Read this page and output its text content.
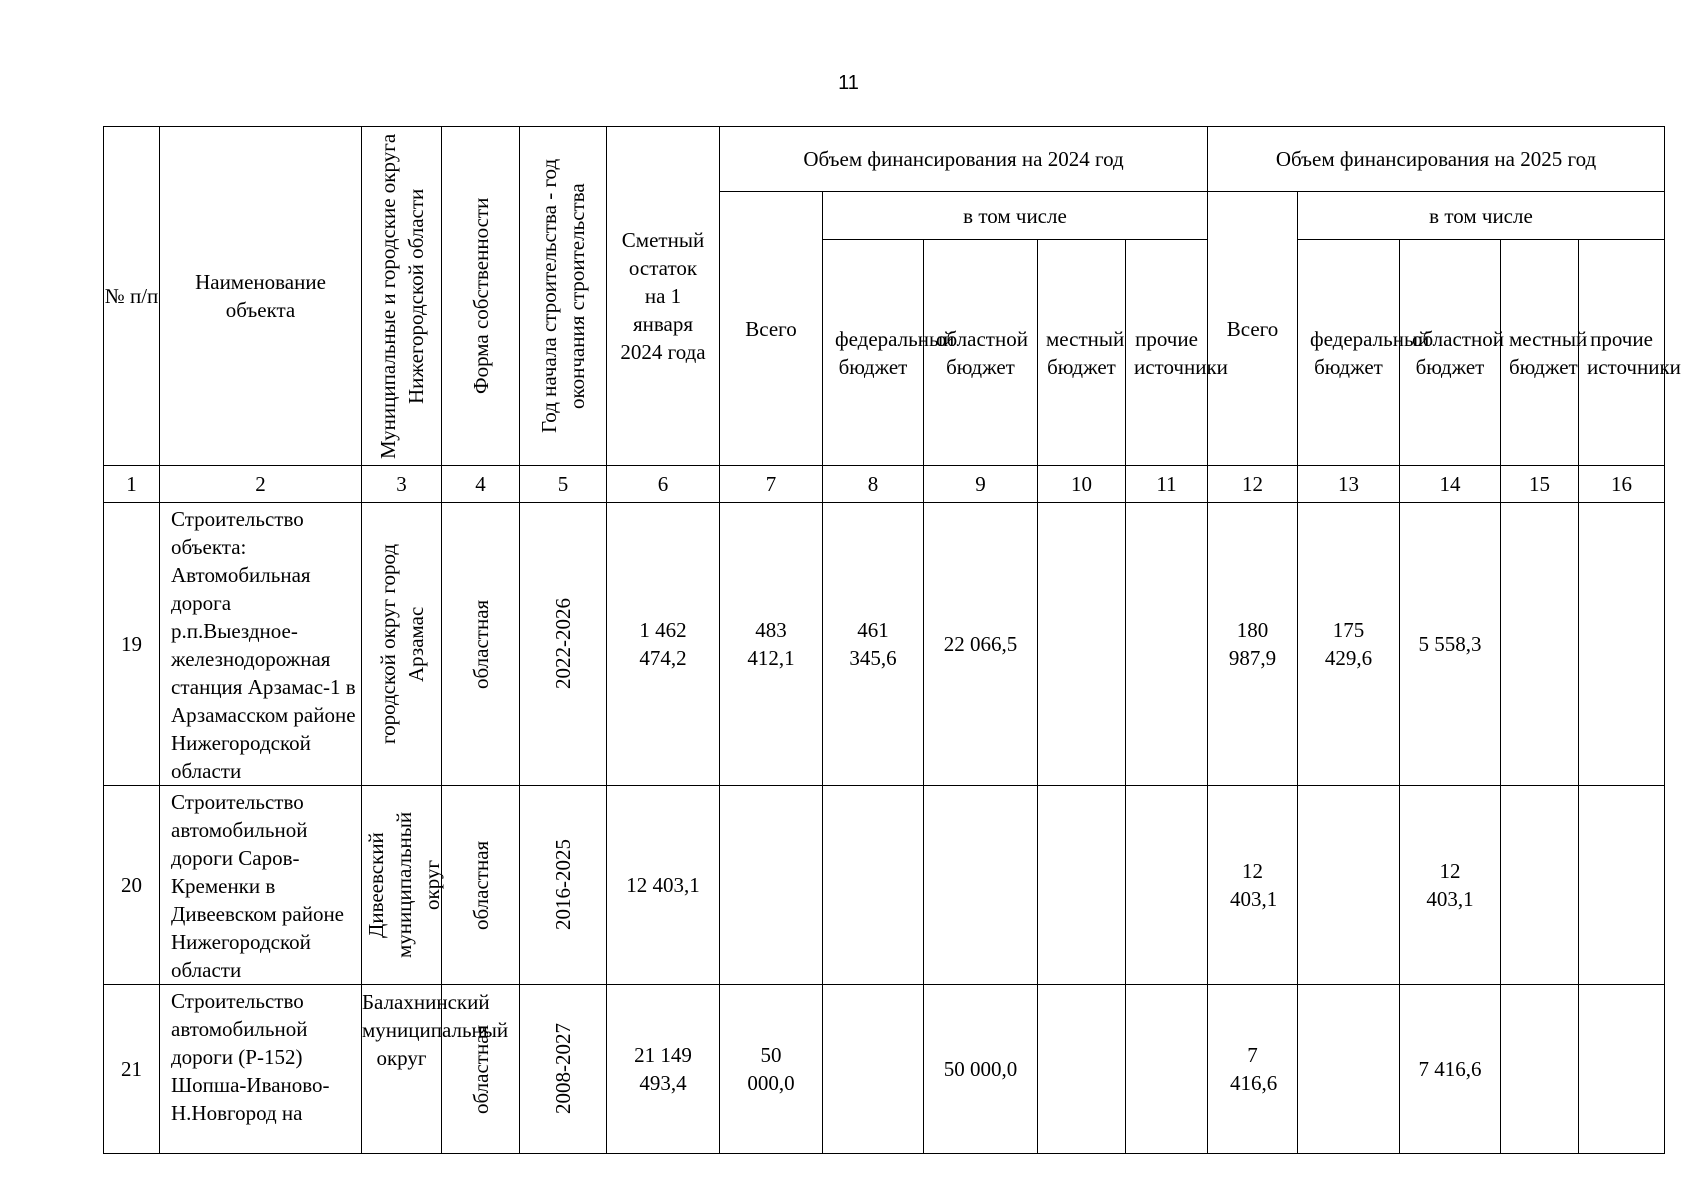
11
№ п/п	Наименование объекта	Муниципальные и городские округа Нижегородской области	Форма собственности	Год начала строительства - год окончания строительства	Сметный остаток на 1 января 2024 года	Объем финансирования на 2024 год					Объем финансирования на 2025 год				
						Всего	в том числе				Всего	в том числе			

							федеральный бюджет	областной бюджет	местный бюджет	прочие источники		федеральный бюджет	областной бюджет	местный бюджет	прочие источники

1	2	3	4	5	6	7	8	9	10	11	12	13	14	15	16
19	Строительство объекта: Автомобильная дорога р.п.Выездное-железнодорожная станция Арзамас-1 в Арзамасском районе Нижегородской области	городской округ город Арзамас	областная	2022-2026	1 462 474,2	483 412,1	461 345,6	22 066,5			180 987,9	175 429,6	5 558,3		
20	Строительство автомобильной дороги Саров-Кременки в Дивеевском районе Нижегородской области	Дивеевский муниципальный округ	областная	2016-2025	12 403,1						12 403,1		12 403,1		

21	Строительство автомобильной дороги (Р-152) Шопша-Иваново-Н.Новгород на	Балахнинский муниципальный округ	областная	2008-2027	21 149 493,4	50 000,0		50 000,0			7 416,6		7 416,6		
